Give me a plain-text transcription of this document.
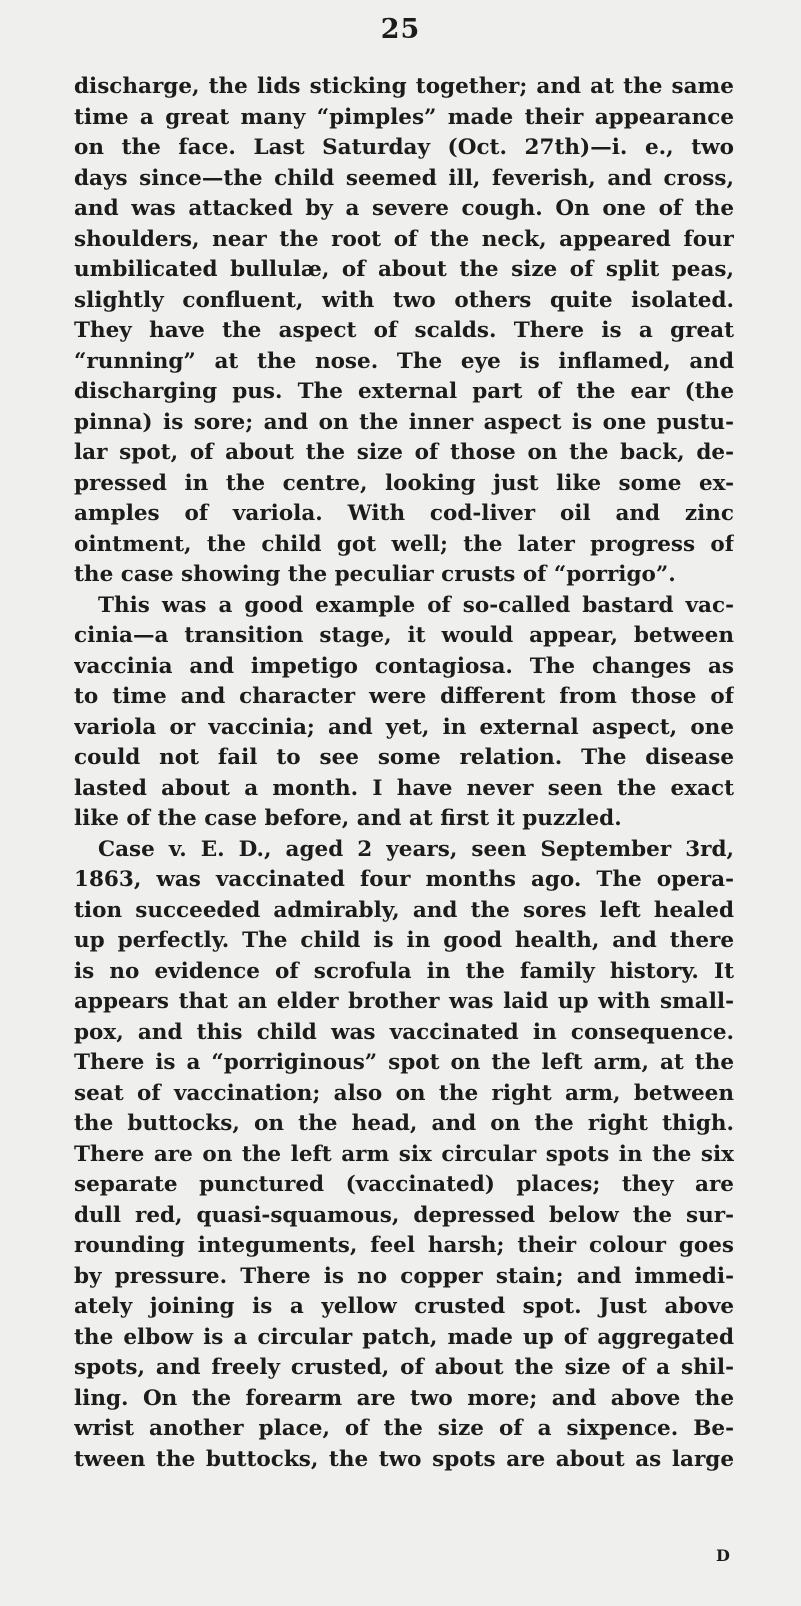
25
discharge, the lids sticking together; and at the same
time a great many “pimples” made their appearance
on the face. Last Saturday (Oct. 27th)—i. e., two
days since—the child seemed ill, feverish, and cross,
and was attacked by a severe cough. On one of the
shoulders, near the root of the neck, appeared four
umbilicated bullulæ, of about the size of split peas,
slightly confluent, with two others quite isolated.
They have the aspect of scalds. There is a great
“running” at the nose. The eye is inflamed, and
discharging pus. The external part of the ear (the
pinna) is sore; and on the inner aspect is one pustu-
lar spot, of about the size of those on the back, de-
pressed in the centre, looking just like some ex-
amples of variola. With cod-liver oil and zinc
ointment, the child got well; the later progress of
the case showing the peculiar crusts of “porrigo”.
This was a good example of so-called bastard vac-
cinia—a transition stage, it would appear, between
vaccinia and impetigo contagiosa. The changes as
to time and character were different from those of
variola or vaccinia; and yet, in external aspect, one
could not fail to see some relation. The disease
lasted about a month. I have never seen the exact
like of the case before, and at first it puzzled.
Case v. E. D., aged 2 years, seen September 3rd,
1863, was vaccinated four months ago. The opera-
tion succeeded admirably, and the sores left healed
up perfectly. The child is in good health, and there
is no evidence of scrofula in the family history. It
appears that an elder brother was laid up with small-
pox, and this child was vaccinated in consequence.
There is a “porriginous” spot on the left arm, at the
seat of vaccination; also on the right arm, between
the buttocks, on the head, and on the right thigh.
There are on the left arm six circular spots in the six
separate punctured (vaccinated) places; they are
dull red, quasi-squamous, depressed below the sur-
rounding integuments, feel harsh; their colour goes
by pressure. There is no copper stain; and immedi-
ately joining is a yellow crusted spot. Just above
the elbow is a circular patch, made up of aggregated
spots, and freely crusted, of about the size of a shil-
ling. On the forearm are two more; and above the
wrist another place, of the size of a sixpence. Be-
tween the buttocks, the two spots are about as large
D
